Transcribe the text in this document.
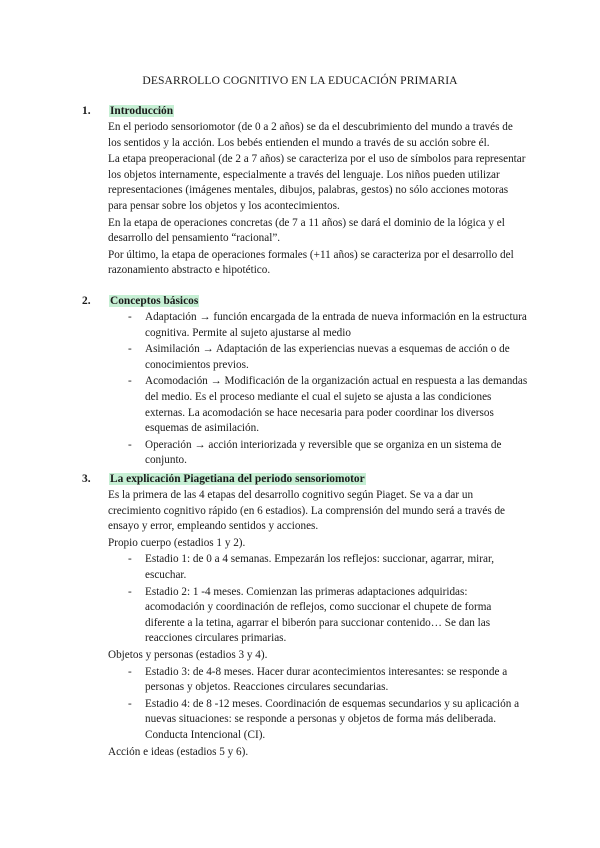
DESARROLLO COGNITIVO EN LA EDUCACIÓN PRIMARIA
1. Introducción

En el periodo sensoriomotor (de 0 a 2 años) se da el descubrimiento del mundo a través de los sentidos y la acción. Los bebés entienden el mundo a través de su acción sobre él.

La etapa preoperacional (de 2 a 7 años) se caracteriza por el uso de símbolos para representar los objetos internamente, especialmente a través del lenguaje. Los niños pueden utilizar representaciones (imágenes mentales, dibujos, palabras, gestos) no sólo acciones motoras para pensar sobre los objetos y los acontecimientos.

En la etapa de operaciones concretas (de 7 a 11 años) se dará el dominio de la lógica y el desarrollo del pensamiento “racional”.

Por último, la etapa de operaciones formales (+11 años) se caracteriza por el desarrollo del razonamiento abstracto e hipotético.

2. Conceptos básicos
- Adaptación → función encargada de la entrada de nueva información en la estructura cognitiva. Permite al sujeto ajustarse al medio
- Asimilación → Adaptación de las experiencias nuevas a esquemas de acción o de conocimientos previos.
- Acomodación → Modificación de la organización actual en respuesta a las demandas del medio. Es el proceso mediante el cual el sujeto se ajusta a las condiciones externas. La acomodación se hace necesaria para poder coordinar los diversos esquemas de asimilación.
- Operación → acción interiorizada y reversible que se organiza en un sistema de conjunto.
3. La explicación Piagetiana del periodo sensoriomotor

Es la primera de las 4 etapas del desarrollo cognitivo según Piaget. Se va a dar un crecimiento cognitivo rápido (en 6 estadios). La comprensión del mundo será a través de ensayo y error, empleando sentidos y acciones.

Propio cuerpo (estadios 1 y 2).

- Estadio 1: de 0 a 4 semanas. Empezarán los reflejos: succionar, agarrar, mirar, escuchar.
- Estadio 2: 1 -4 meses. Comienzan las primeras adaptaciones adquiridas: acomodación y coordinación de reflejos, como succionar el chupete de forma diferente a la tetina, agarrar el biberón para succionar contenido… Se dan las reacciones circulares primarias.

Objetos y personas (estadios 3 y 4).

- Estadio 3: de 4-8 meses. Hacer durar acontecimientos interesantes: se responde a personas y objetos. Reacciones circulares secundarias.
- Estadio 4: de 8 -12 meses. Coordinación de esquemas secundarios y su aplicación a nuevas situaciones: se responde a personas y objetos de forma más deliberada. Conducta Intencional (CI).

Acción e ideas (estadios 5 y 6).
